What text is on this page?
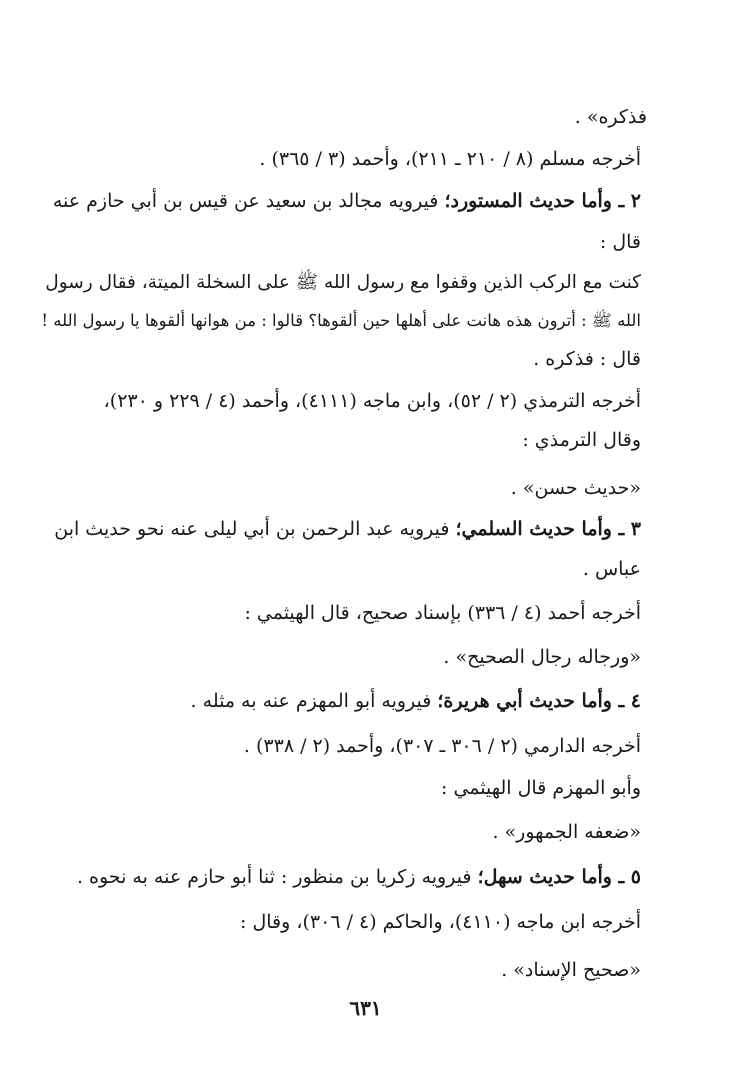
فذكره» .
أخرجه مسلم (٨ / ٢١٠ ـ ٢١١)، وأحمد (٣ / ٣٦٥) .
٢ ـ وأما حديث المستورد؛ فيرويه مجالد بن سعيد عن قيس بن أبي حازم عنه
قال :
كنت مع الركب الذين وقفوا مع رسول الله ﷺ على السخلة الميتة، فقال رسول
الله ﷺ : أترون هذه هانت على أهلها حين ألقوها؟ قالوا : من هوانها ألقوها يا رسول الله !
قال : فذكره .
أخرجه الترمذي (٢ / ٥٢)، وابن ماجه (٤١١١)، وأحمد (٤ / ٢٢٩ و ٢٣٠)،
وقال الترمذي :
«حديث حسن» .
٣ ـ وأما حديث السلمي؛ فيرويه عبد الرحمن بن أبي ليلى عنه نحو حديث ابن
عباس .
أخرجه أحمد (٤ / ٣٣٦) بإسناد صحيح، قال الهيثمي :
«ورجاله رجال الصحيح» .
٤ ـ وأما حديث أبي هريرة؛ فيرويه أبو المهزم عنه به مثله .
أخرجه الدارمي (٢ / ٣٠٦ ـ ٣٠٧)، وأحمد (٢ / ٣٣٨) .
وأبو المهزم قال الهيثمي :
«ضعفه الجمهور» .
٥ ـ وأما حديث سهل؛ فيرويه زكريا بن منظور : ثنا أبو حازم عنه به نحوه .
أخرجه ابن ماجه (٤١١٠)، والحاكم (٤ / ٣٠٦)، وقال :
«صحيح الإسناد» .
٦٣١
